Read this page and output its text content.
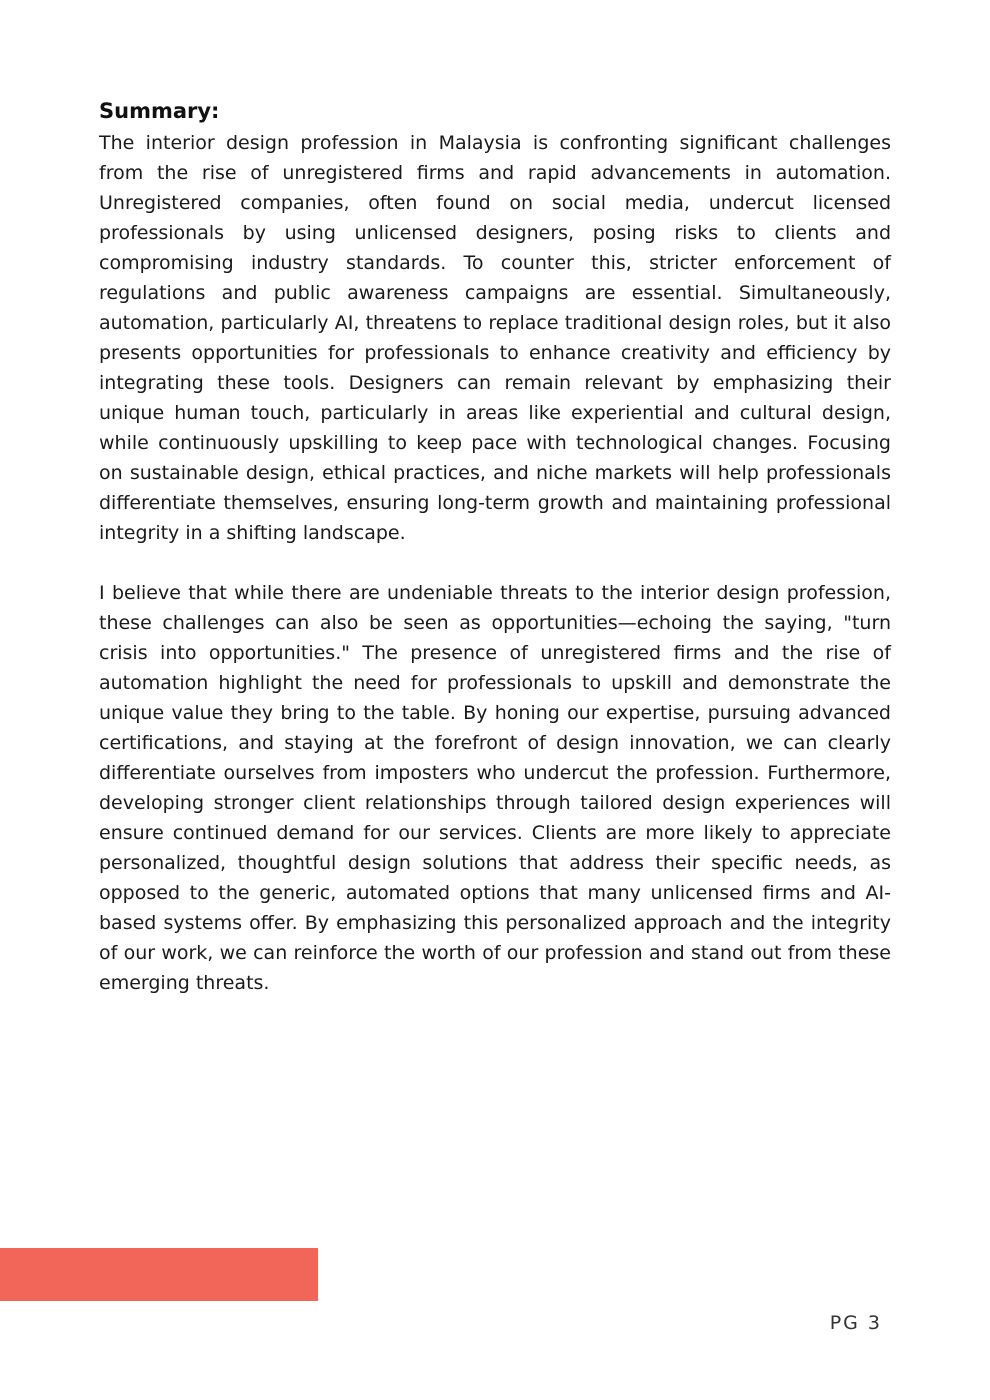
Summary:

The interior design profession in Malaysia is confronting significant challenges from the rise of unregistered firms and rapid advancements in automation. Unregistered companies, often found on social media, undercut licensed professionals by using unlicensed designers, posing risks to clients and compromising industry standards. To counter this, stricter enforcement of regulations and public awareness campaigns are essential. Simultaneously, automation, particularly AI, threatens to replace traditional design roles, but it also presents opportunities for professionals to enhance creativity and efficiency by integrating these tools. Designers can remain relevant by emphasizing their unique human touch, particularly in areas like experiential and cultural design, while continuously upskilling to keep pace with technological changes. Focusing on sustainable design, ethical practices, and niche markets will help professionals differentiate themselves, ensuring long-term growth and maintaining professional integrity in a shifting landscape.

I believe that while there are undeniable threats to the interior design profession, these challenges can also be seen as opportunities—echoing the saying, "turn crisis into opportunities." The presence of unregistered firms and the rise of automation highlight the need for professionals to upskill and demonstrate the unique value they bring to the table. By honing our expertise, pursuing advanced certifications, and staying at the forefront of design innovation, we can clearly differentiate ourselves from imposters who undercut the profession. Furthermore, developing stronger client relationships through tailored design experiences will ensure continued demand for our services. Clients are more likely to appreciate personalized, thoughtful design solutions that address their specific needs, as opposed to the generic, automated options that many unlicensed firms and AI-based systems offer. By emphasizing this personalized approach and the integrity of our work, we can reinforce the worth of our profession and stand out from these emerging threats.

PG 3
